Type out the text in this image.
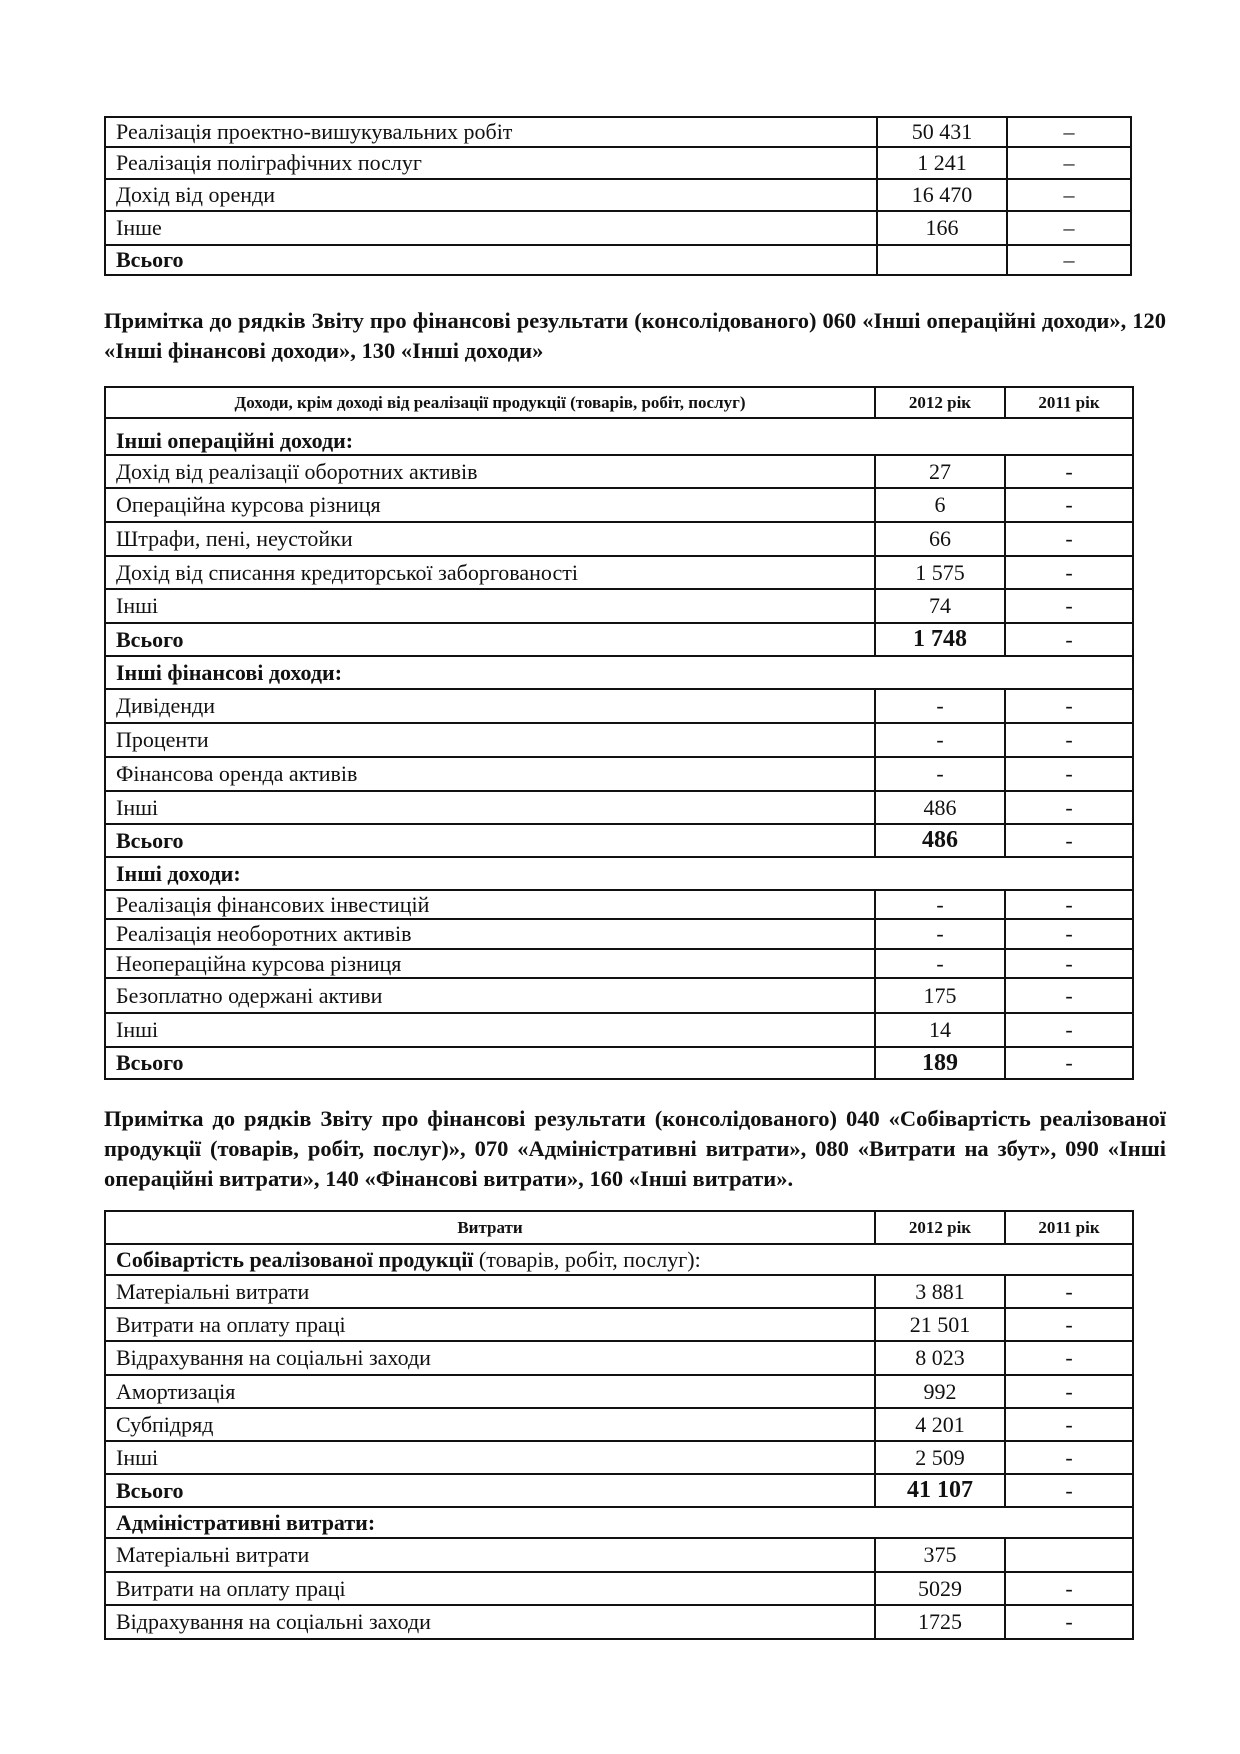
Реалізація проектно-вишукувальних робіт	50 431	–
Реалізація поліграфічних послуг	1 241	–
Дохід від оренди	16 470	–
Інше	166	–
Всього		–
Примітка до рядків Звіту про фінансові результати (консолідованого) 060 «Інші операційні доходи», 120 «Інші фінансові доходи», 130 «Інші доходи»
Доходи, крім доході від реалізації продукції (товарів, робіт, послуг)	2012 рік	2011 рік
Інші операційні доходи:		
Дохід від реалізації оборотних активів	27	-
Операційна курсова різниця	6	-
Штрафи, пені, неустойки	66	-
Дохід від списання кредиторської заборгованості	1 575	-
Інші	74	-
Всього	1 748	-
Інші фінансові доходи:		
Дивіденди	-	-
Проценти	-	-
Фінансова оренда активів	-	-
Інші	486	-
Всього	486	-
Інші доходи:		
Реалізація фінансових інвестицій	-	-
Реалізація необоротних активів	-	-
Неопераційна курсова різниця	-	-
Безоплатно одержані активи	175	-
Інші	14	-
Всього	189	-
Примітка до рядків Звіту про фінансові результати (консолідованого) 040 «Собівартість реалізованої продукції (товарів, робіт, послуг)», 070 «Адміністративні витрати», 080 «Витрати на збут», 090 «Інші операційні витрати», 140 «Фінансові витрати», 160 «Інші витрати».
Витрати	2012 рік	2011 рік
Собівартість реалізованої продукції (товарів, робіт, послуг):		
Матеріальні витрати	3 881	-
Витрати на оплату праці	21 501	-
Відрахування на соціальні заходи	8 023	-
Амортизація	992	-
Субпідряд	4 201	-
Інші	2 509	-
Всього	41 107	-
Адміністративні витрати:		
Матеріальні витрати	375	
Витрати на оплату праці	5029	-
Відрахування на соціальні заходи	1725	-
